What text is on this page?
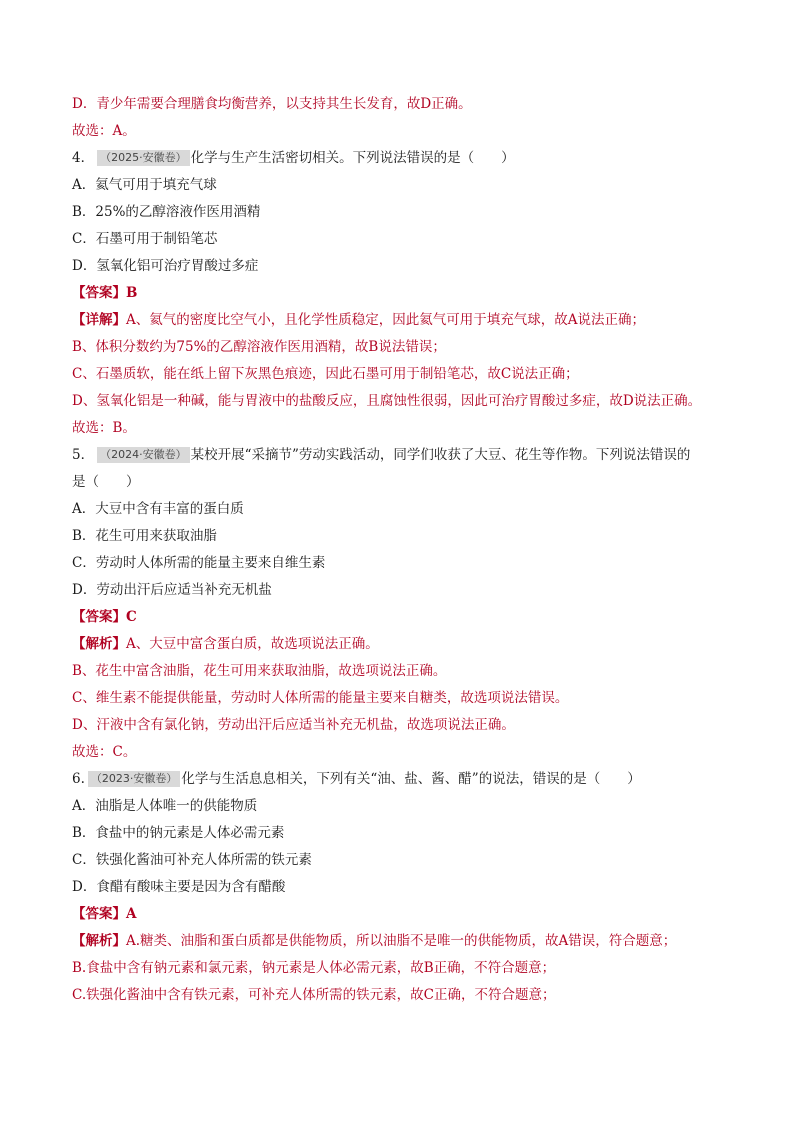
D．青少年需要合理膳食均衡营养，以支持其生长发育，故D正确。
故选：A。
4． （2025·安徽卷） 化学与生产生活密切相关。下列说法错误的是（　　）
A．氦气可用于填充气球
B．25%的乙醇溶液作医用酒精
C．石墨可用于制铅笔芯
D．氢氧化铝可治疗胃酸过多症
【答案】B
【详解】A、氦气的密度比空气小，且化学性质稳定，因此氦气可用于填充气球，故A说法正确；
B、体积分数约为75%的乙醇溶液作医用酒精，故B说法错误；
C、石墨质软，能在纸上留下灰黑色痕迹，因此石墨可用于制铅笔芯，故C说法正确；
D、氢氧化铝是一种碱，能与胃液中的盐酸反应，且腐蚀性很弱，因此可治疗胃酸过多症，故D说法正确。
故选：B。
5． （2024·安徽卷） 某校开展“采摘节”劳动实践活动，同学们收获了大豆、花生等作物。下列说法错误的
是（　　）
A．大豆中含有丰富的蛋白质
B．花生可用来获取油脂
C．劳动时人体所需的能量主要来自维生素
D．劳动出汗后应适当补充无机盐
【答案】C
【解析】A、大豆中富含蛋白质，故选项说法正确。
B、花生中富含油脂，花生可用来获取油脂，故选项说法正确。
C、维生素不能提供能量，劳动时人体所需的能量主要来自糖类，故选项说法错误。
D、汗液中含有氯化钠，劳动出汗后应适当补充无机盐，故选项说法正确。
故选：C。
6. （2023·安徽卷） 化学与生活息息相关，下列有关“油、盐、酱、醋”的说法，错误的是（　　）
A．油脂是人体唯一的供能物质
B．食盐中的钠元素是人体必需元素
C．铁强化酱油可补充人体所需的铁元素
D．食醋有酸味主要是因为含有醋酸
【答案】A
【解析】A.糖类、油脂和蛋白质都是供能物质，所以油脂不是唯一的供能物质，故A错误，符合题意；
B.食盐中含有钠元素和氯元素，钠元素是人体必需元素，故B正确，不符合题意；
C.铁强化酱油中含有铁元素，可补充人体所需的铁元素，故C正确，不符合题意；
